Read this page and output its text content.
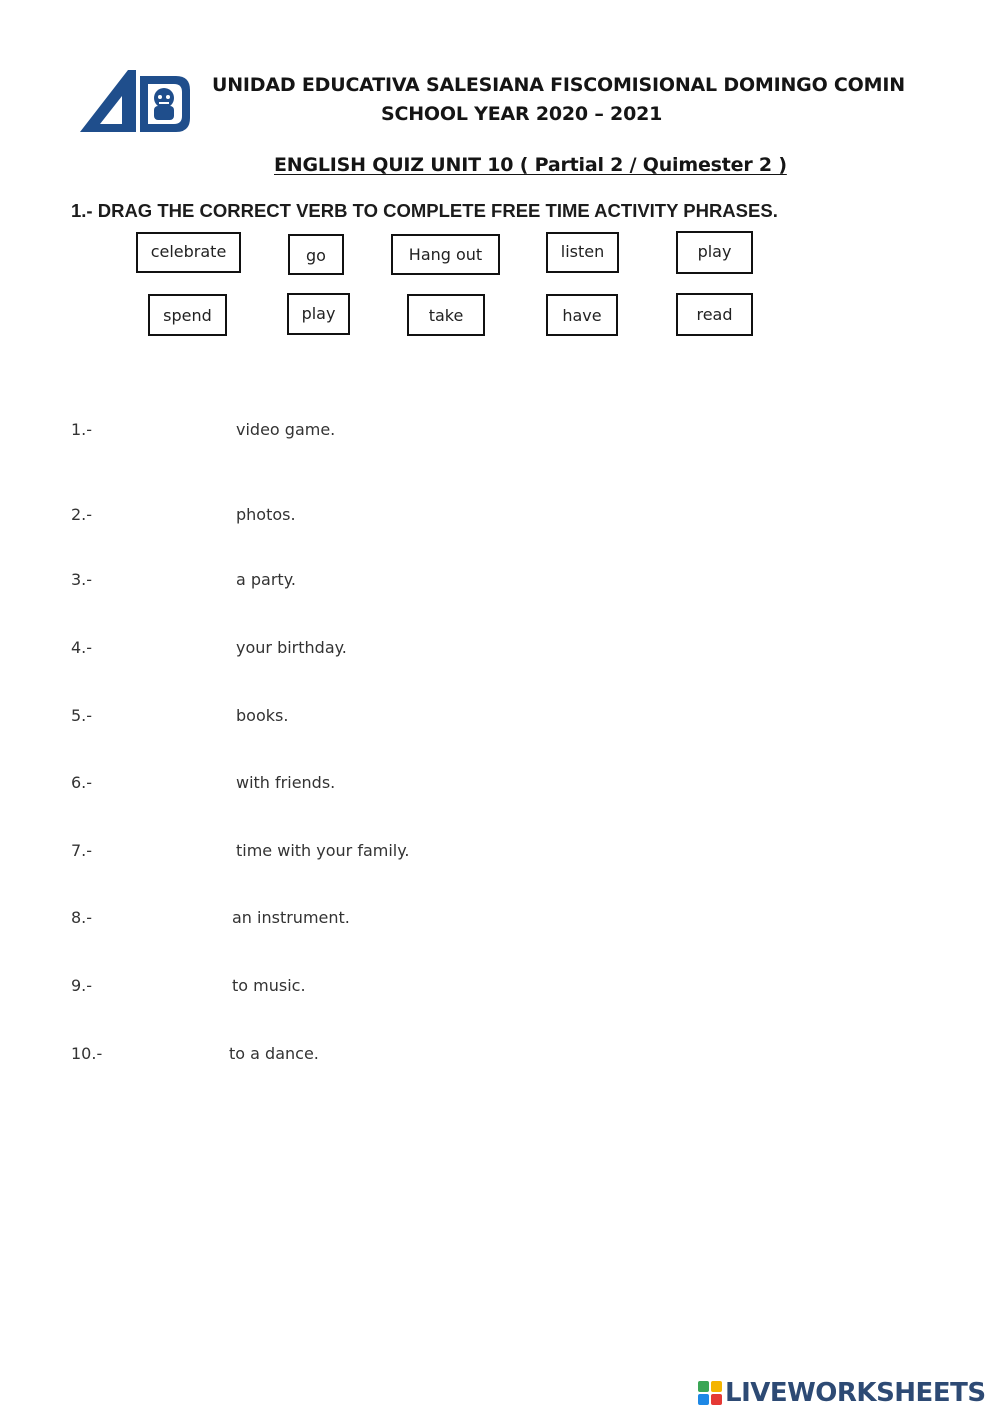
UNIDAD EDUCATIVA SALESIANA FISCOMISIONAL DOMINGO COMIN
SCHOOL YEAR 2020 – 2021
ENGLISH QUIZ UNIT 10 ( Partial 2 / Quimester 2 )
1.- DRAG THE CORRECT VERB TO COMPLETE FREE TIME ACTIVITY PHRASES.
celebrate	go	Hang out	listen	play
spend	play	take	have	read
1.-	video game.
2.-	photos.
3.-	a party.
4.-	your birthday.
5.-	books.
6.-	with friends.
7.-	time with your family.
8.-	an instrument.
9.-	to music.
10.-	to a dance.
LIVEWORKSHEETS
